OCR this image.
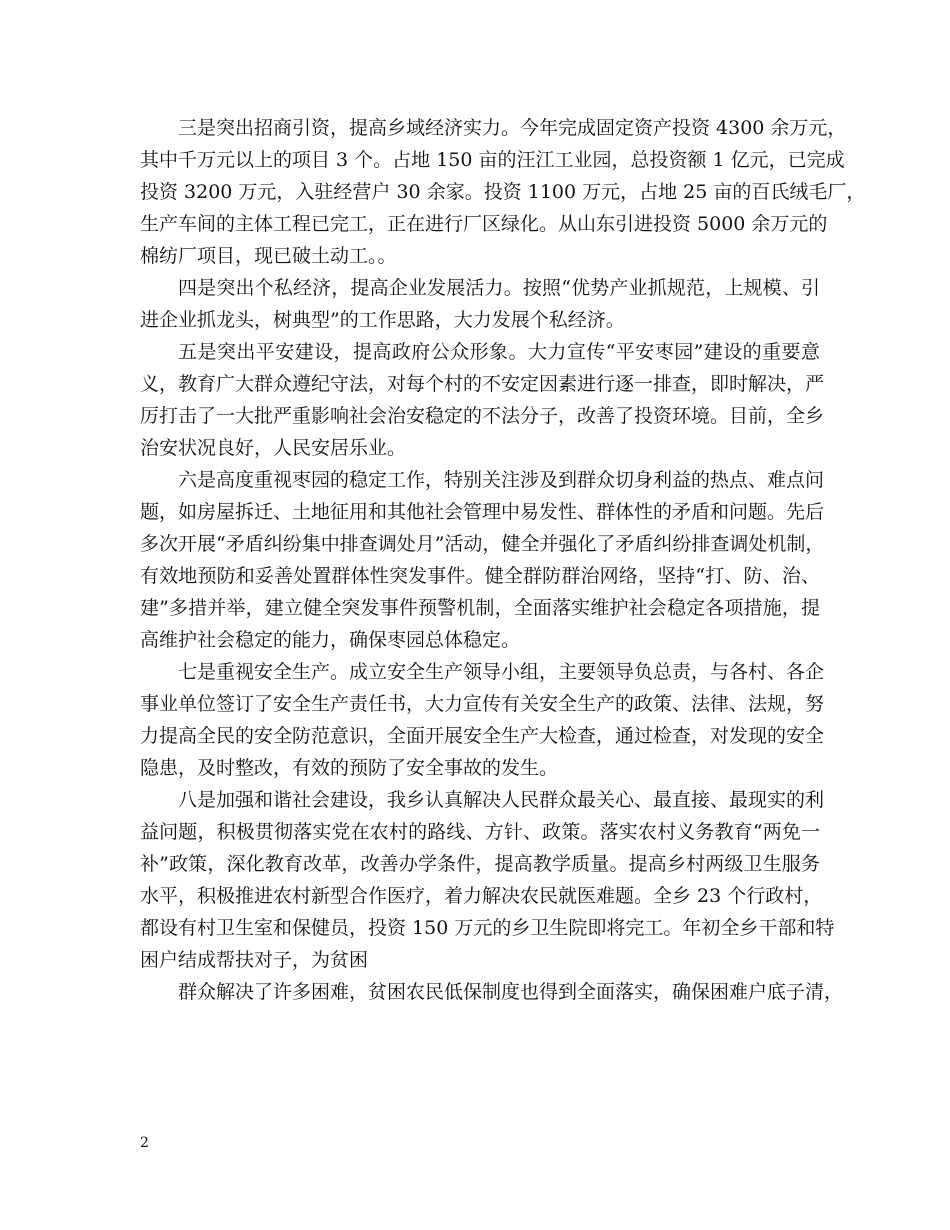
三是突出招商引资，提高乡域经济实力。今年完成固定资产投资 4300 余万元，
其中千万元以上的项目 3 个。占地 150 亩的汪江工业园，总投资额 1 亿元，已完成
投资 3200 万元，入驻经营户 30 余家。投资 1100 万元，占地 25 亩的百氏绒毛厂，
生产车间的主体工程已完工，正在进行厂区绿化。从山东引进投资 5000 余万元的
棉纺厂项目，现已破土动工。。

四是突出个私经济，提高企业发展活力。按照“优势产业抓规范，上规模、引
进企业抓龙头，树典型”的工作思路，大力发展个私经济。

五是突出平安建设，提高政府公众形象。大力宣传“平安枣园”建设的重要意
义，教育广大群众遵纪守法，对每个村的不安定因素进行逐一排查，即时解决，严
厉打击了一大批严重影响社会治安稳定的不法分子，改善了投资环境。目前，全乡
治安状况良好，人民安居乐业。

六是高度重视枣园的稳定工作，特别关注涉及到群众切身利益的热点、难点问
题，如房屋拆迁、土地征用和其他社会管理中易发性、群体性的矛盾和问题。先后
多次开展“矛盾纠纷集中排查调处月”活动，健全并强化了矛盾纠纷排查调处机制，
有效地预防和妥善处置群体性突发事件。健全群防群治网络，坚持“打、防、治、
建”多措并举，建立健全突发事件预警机制，全面落实维护社会稳定各项措施，提
高维护社会稳定的能力，确保枣园总体稳定。

七是重视安全生产。成立安全生产领导小组，主要领导负总责，与各村、各企
事业单位签订了安全生产责任书，大力宣传有关安全生产的政策、法律、法规，努
力提高全民的安全防范意识，全面开展安全生产大检查，通过检查，对发现的安全
隐患，及时整改，有效的预防了安全事故的发生。

八是加强和谐社会建设，我乡认真解决人民群众最关心、最直接、最现实的利
益问题，积极贯彻落实党在农村的路线、方针、政策。落实农村义务教育“两免一
补”政策，深化教育改革，改善办学条件，提高教学质量。提高乡村两级卫生服务
水平，积极推进农村新型合作医疗，着力解决农民就医难题。全乡 23 个行政村，
都设有村卫生室和保健员，投资 150 万元的乡卫生院即将完工。年初全乡干部和特
困户结成帮扶对子，为贫困

群众解决了许多困难，贫困农民低保制度也得到全面落实，确保困难户底子清，

2
